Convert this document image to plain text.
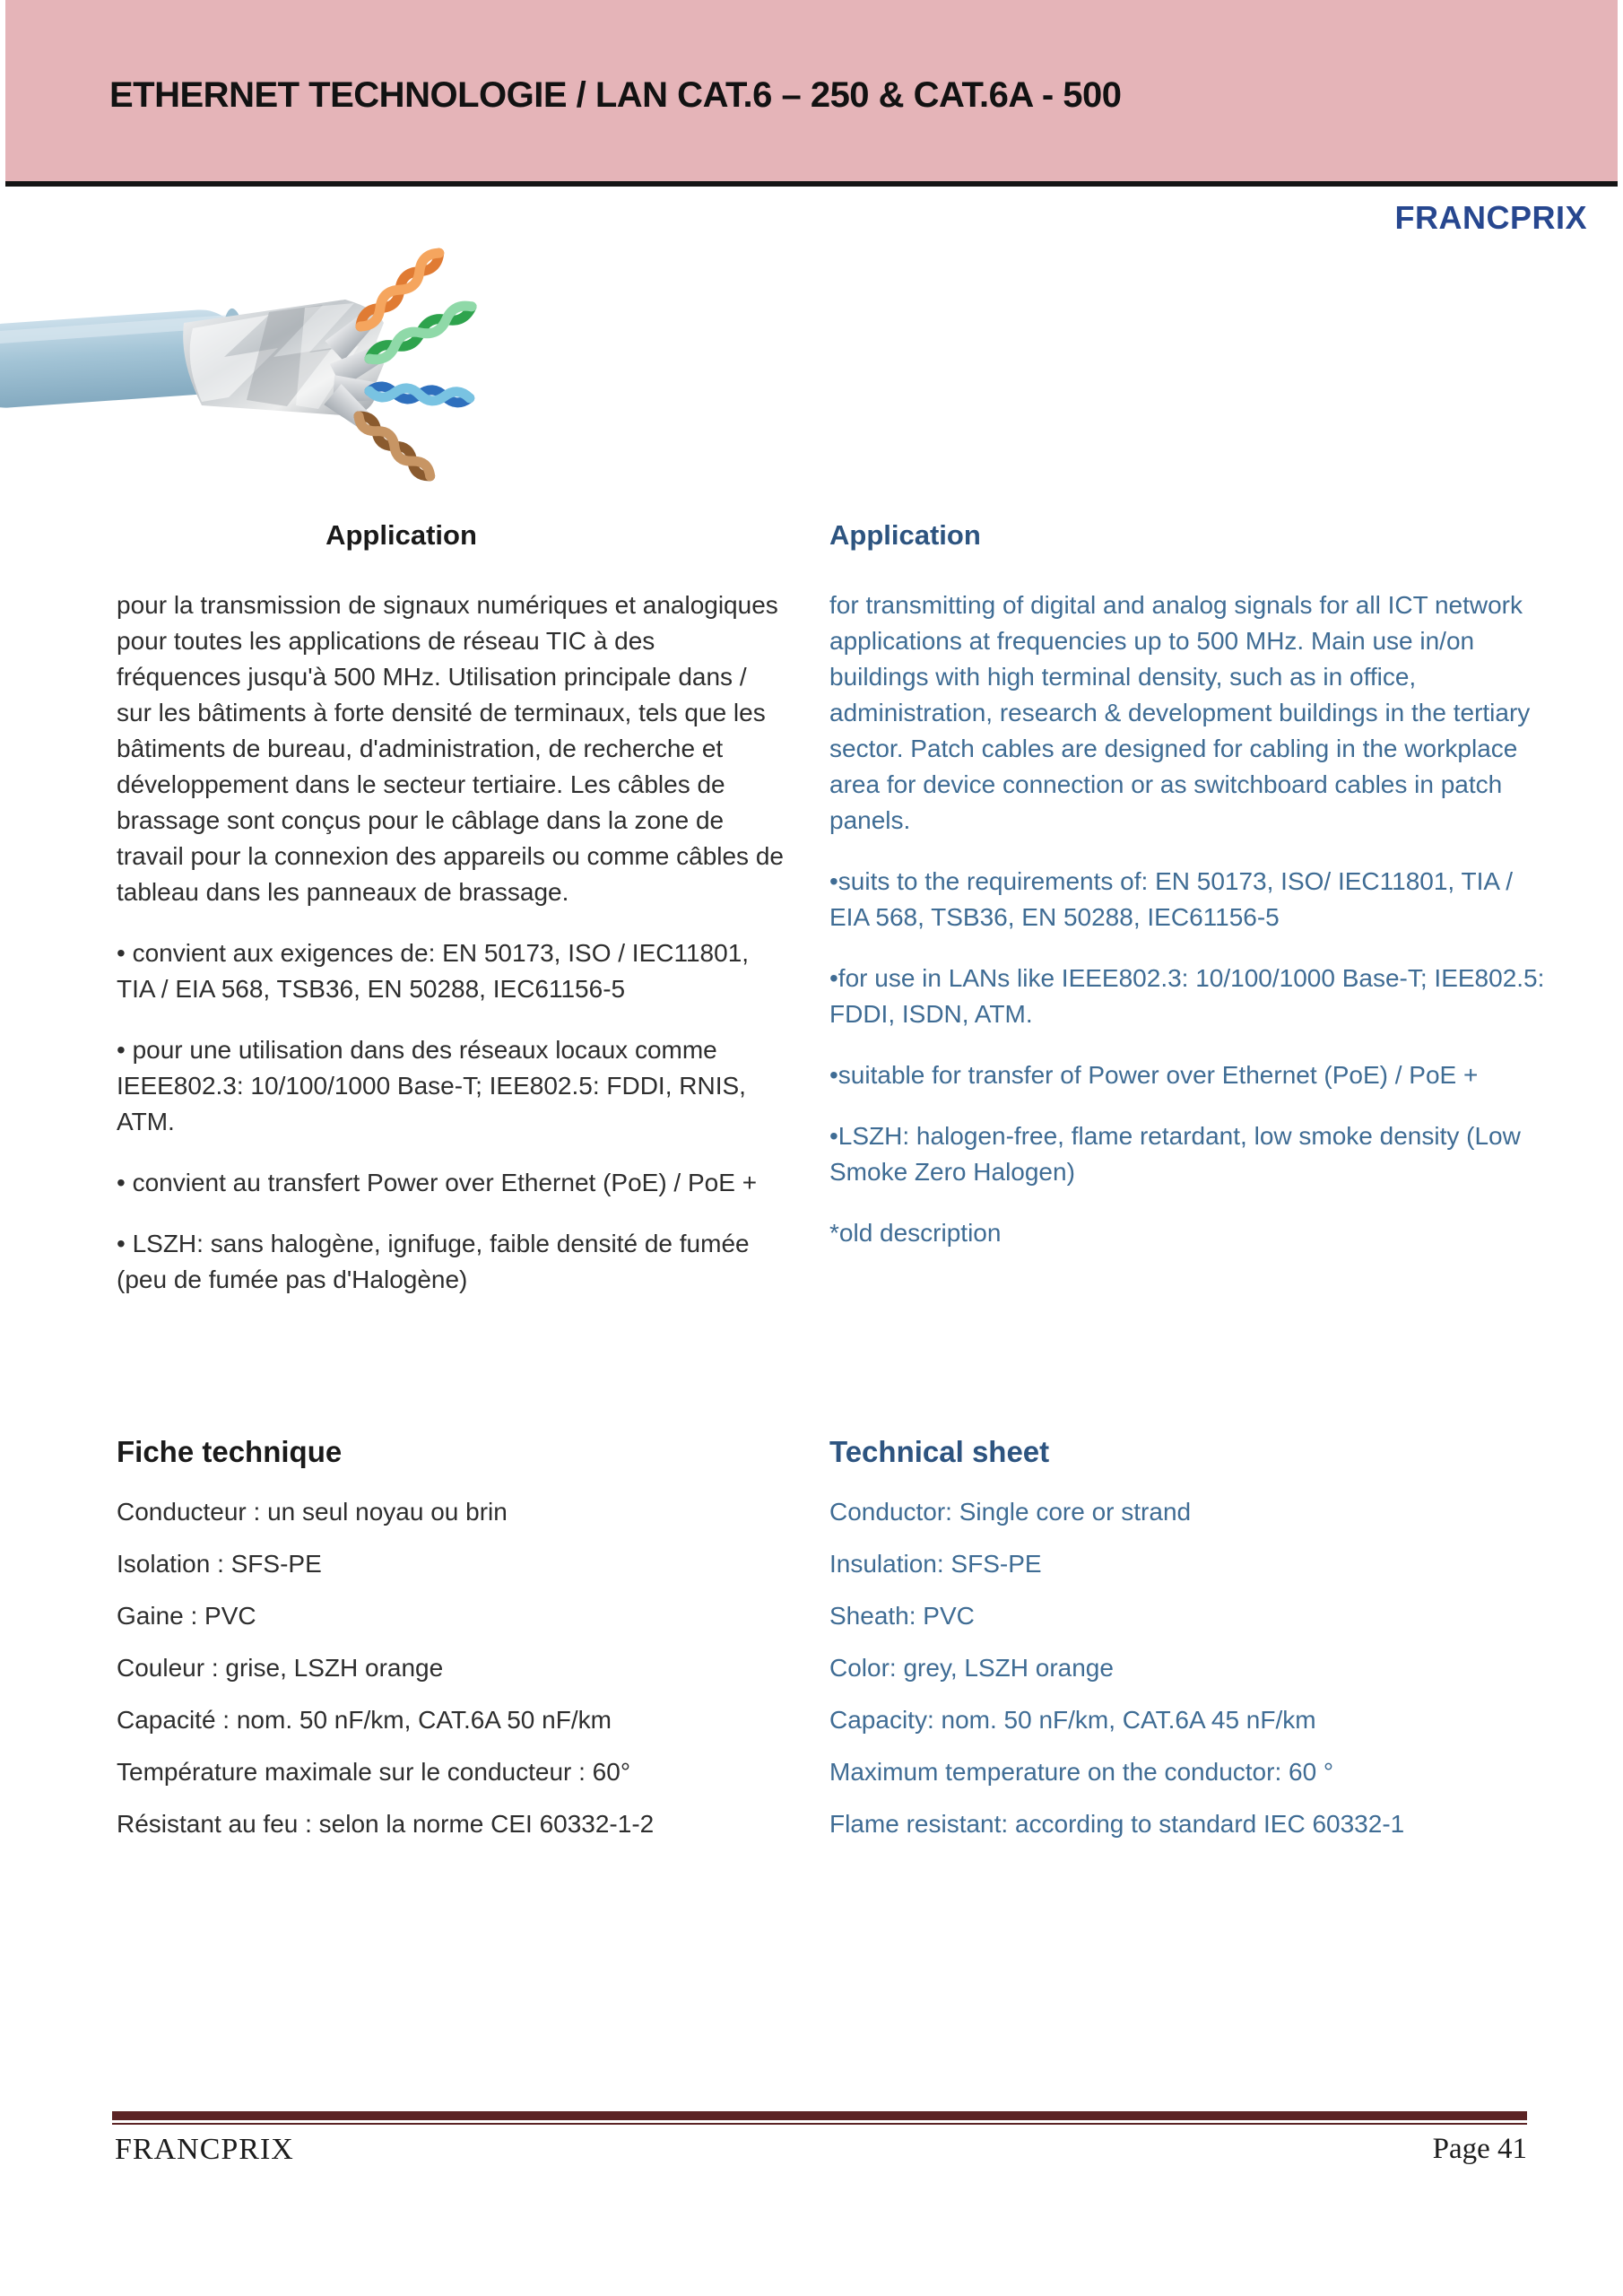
ETHERNET TECHNOLOGIE / LAN CAT.6 – 250 & CAT.6A - 500
FRANCPRIX
Application

pour la transmission de signaux numériques et analogiques pour toutes les applications de réseau TIC à des fréquences jusqu'à 500 MHz. Utilisation principale dans / sur les bâtiments à forte densité de terminaux, tels que les bâtiments de bureau, d'administration, de recherche et développement dans le secteur tertiaire. Les câbles de brassage sont conçus pour le câblage dans la zone de travail pour la connexion des appareils ou comme câbles de tableau dans les panneaux de brassage.

• convient aux exigences de: EN 50173, ISO / IEC11801, TIA / EIA 568, TSB36, EN 50288, IEC61156-5

• pour une utilisation dans des réseaux locaux comme IEEE802.3: 10/100/1000 Base-T; IEE802.5: FDDI, RNIS, ATM.

• convient au transfert Power over Ethernet (PoE) / PoE +

• LSZH: sans halogène, ignifuge, faible densité de fumée (peu de fumée pas d'Halogène)

Application

for transmitting of digital and analog signals for all ICT network applications at frequencies up to 500 MHz. Main use in/on buildings with high terminal density, such as in office, administration, research & development buildings in the tertiary sector. Patch cables are designed for cabling in the workplace area for device connection or as switchboard cables in patch panels.

•suits to the requirements of: EN 50173, ISO/ IEC11801, TIA / EIA 568, TSB36, EN 50288, IEC61156-5

•for use in LANs like IEEE802.3: 10/100/1000 Base-T; IEE802.5: FDDI, ISDN, ATM.

•suitable for transfer of Power over Ethernet (PoE) / PoE +

•LSZH: halogen-free, flame retardant, low smoke density (Low Smoke Zero Halogen)

*old description

Fiche technique

Conducteur : un seul noyau ou brin

Isolation : SFS-PE

Gaine : PVC

Couleur : grise, LSZH orange

Capacité : nom. 50 nF/km, CAT.6A 50 nF/km

Température maximale sur le conducteur : 60°

Résistant au feu : selon la norme CEI 60332-1-2

Technical sheet

Conductor: Single core or strand

Insulation: SFS-PE

Sheath: PVC

Color: grey, LSZH orange

Capacity: nom. 50 nF/km, CAT.6A 45 nF/km

Maximum temperature on the conductor: 60 °

Flame resistant: according to standard IEC 60332-1

FRANCPRIX	Page 41
